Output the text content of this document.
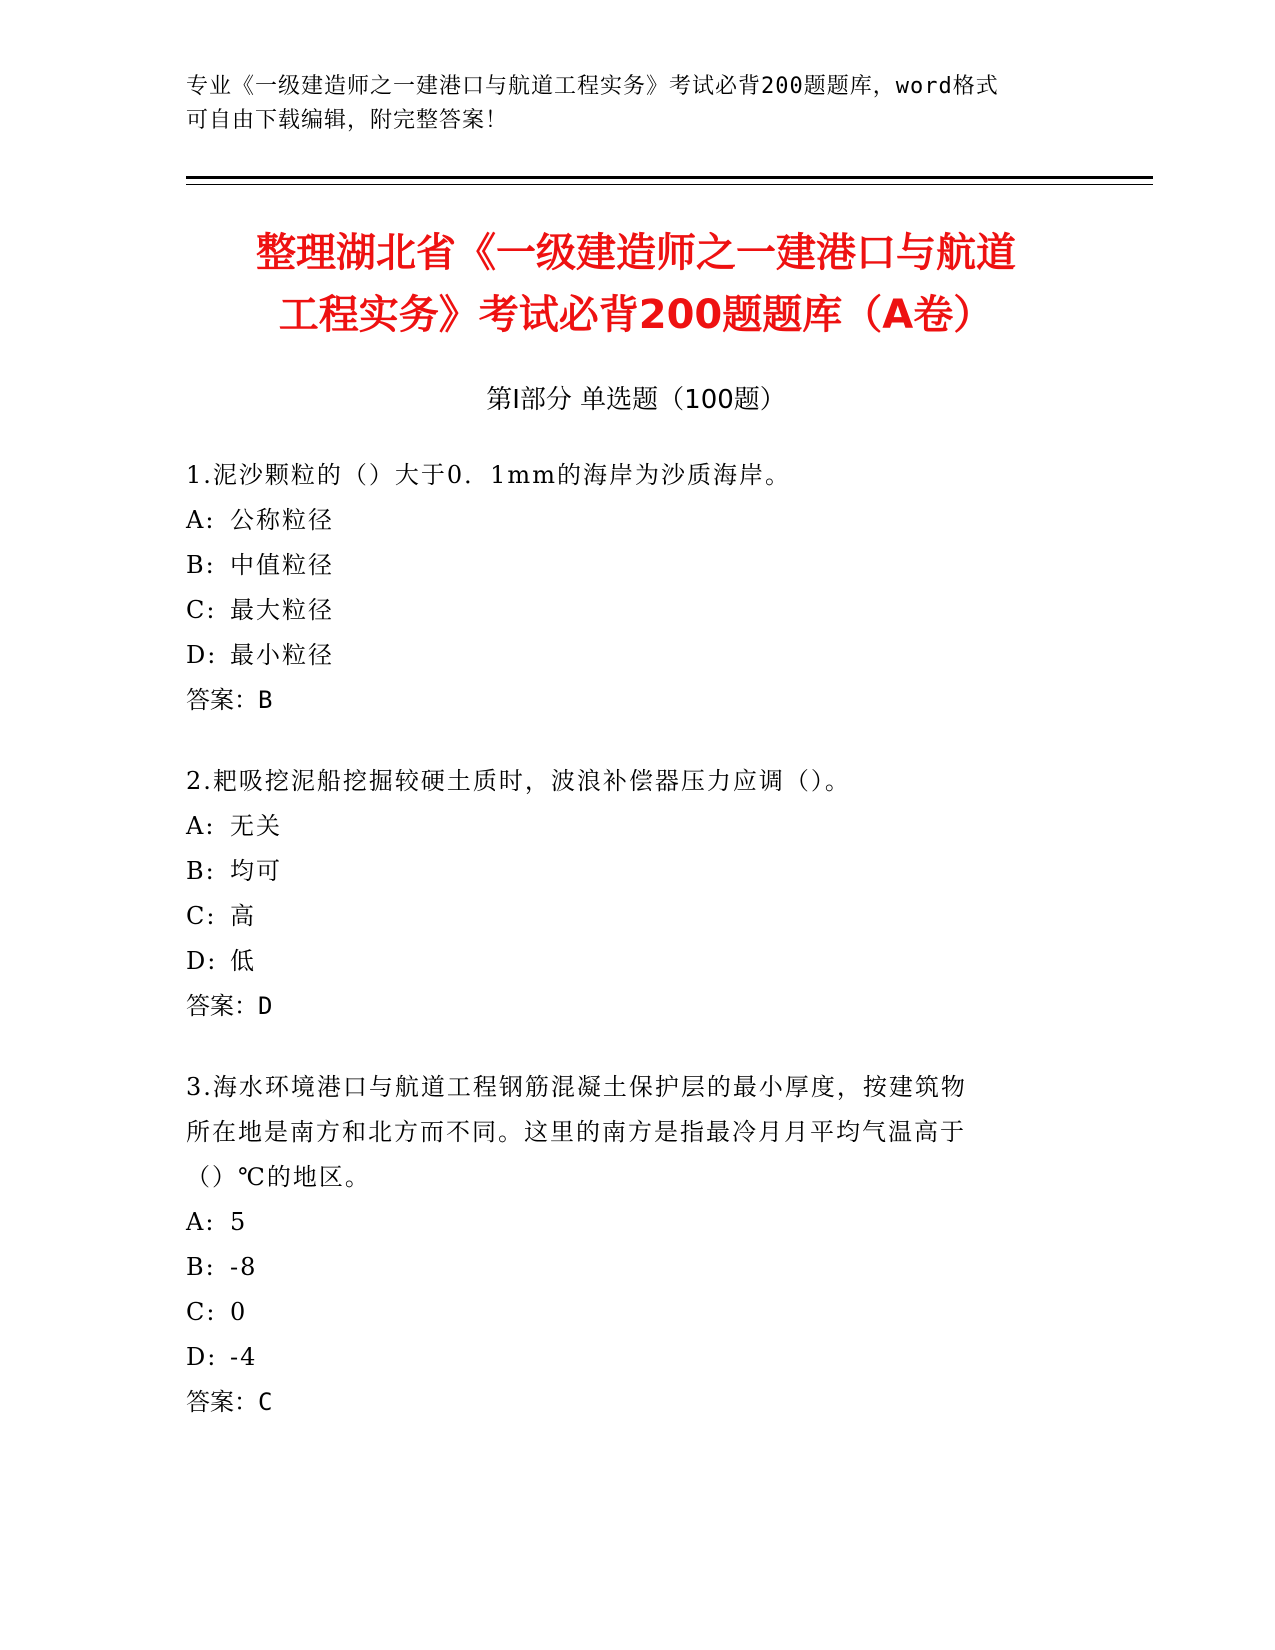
专业《一级建造师之一建港口与航道工程实务》考试必背200题题库，word格式
可自由下载编辑，附完整答案！
整理湖北省《一级建造师之一建港口与航道
工程实务》考试必背200题题库（A卷）
第Ⅰ部分 单选题（100题）
1.泥沙颗粒的（）大于0．1mm的海岸为沙质海岸。
A: 公称粒径
B: 中值粒径
C: 最大粒径
D: 最小粒径
答案：B
2.耙吸挖泥船挖掘较硬土质时，波浪补偿器压力应调（）。
A: 无关
B: 均可
C: 高
D: 低
答案：D
3.海水环境港口与航道工程钢筋混凝土保护层的最小厚度，按建筑物
所在地是南方和北方而不同。这里的南方是指最冷月月平均气温高于
（）℃的地区。
A: 5
B: -8
C: 0
D: -4
答案：C
